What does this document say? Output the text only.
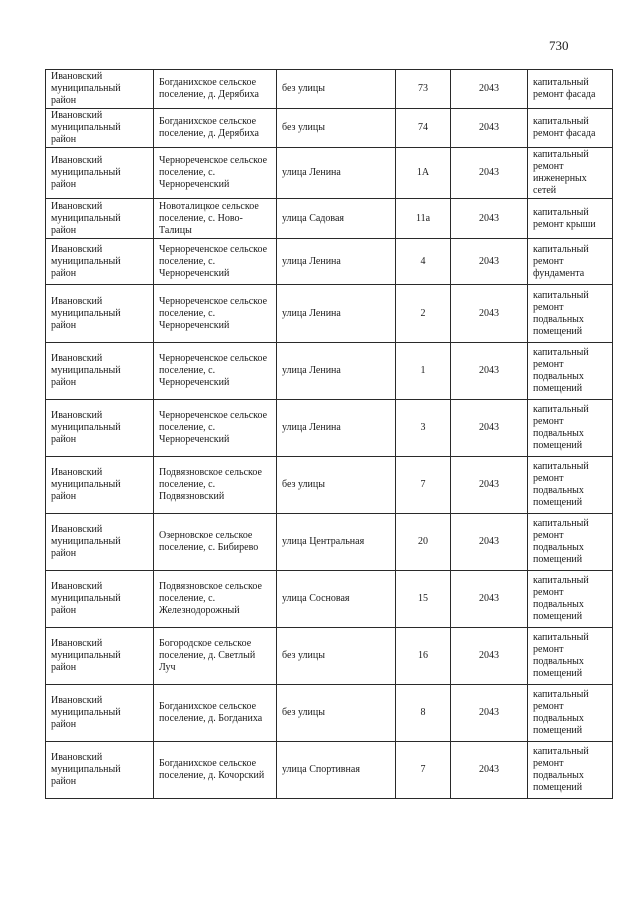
730
Ивановский муниципальный район	Богданихское сельское поселение, д. Дерябиха	без улицы	73	2043	капитальный ремонт фасада
Ивановский муниципальный район	Богданихское сельское поселение, д. Дерябиха	без улицы	74	2043	капитальный ремонт фасада
Ивановский муниципальный район	Чернореченское сельское поселение, с. Чернореченский	улица Ленина	1А	2043	капитальный ремонт инженерных сетей
Ивановский муниципальный район	Новоталицкое сельское поселение, с. Ново-Талицы	улица Садовая	11а	2043	капитальный ремонт крыши
Ивановский муниципальный район	Чернореченское сельское поселение, с. Чернореченский	улица Ленина	4	2043	капитальный ремонт фундамента
Ивановский муниципальный район	Чернореченское сельское поселение, с. Чернореченский	улица Ленина	2	2043	капитальный ремонт подвальных помещений
Ивановский муниципальный район	Чернореченское сельское поселение, с. Чернореченский	улица Ленина	1	2043	капитальный ремонт подвальных помещений
Ивановский муниципальный район	Чернореченское сельское поселение, с. Чернореченский	улица Ленина	3	2043	капитальный ремонт подвальных помещений
Ивановский муниципальный район	Подвязновское сельское поселение, с. Подвязновский	без улицы	7	2043	капитальный ремонт подвальных помещений
Ивановский муниципальный район	Озерновское сельское поселение, с. Бибирево	улица Центральная	20	2043	капитальный ремонт подвальных помещений
Ивановский муниципальный район	Подвязновское сельское поселение, с. Железнодорожный	улица Сосновая	15	2043	капитальный ремонт подвальных помещений
Ивановский муниципальный район	Богородское сельское поселение, д. Светлый Луч	без улицы	16	2043	капитальный ремонт подвальных помещений
Ивановский муниципальный район	Богданихское сельское поселение, д. Богданиха	без улицы	8	2043	капитальный ремонт подвальных помещений
Ивановский муниципальный район	Богданихское сельское поселение, д. Кочорский	улица Спортивная	7	2043	капитальный ремонт подвальных помещений
